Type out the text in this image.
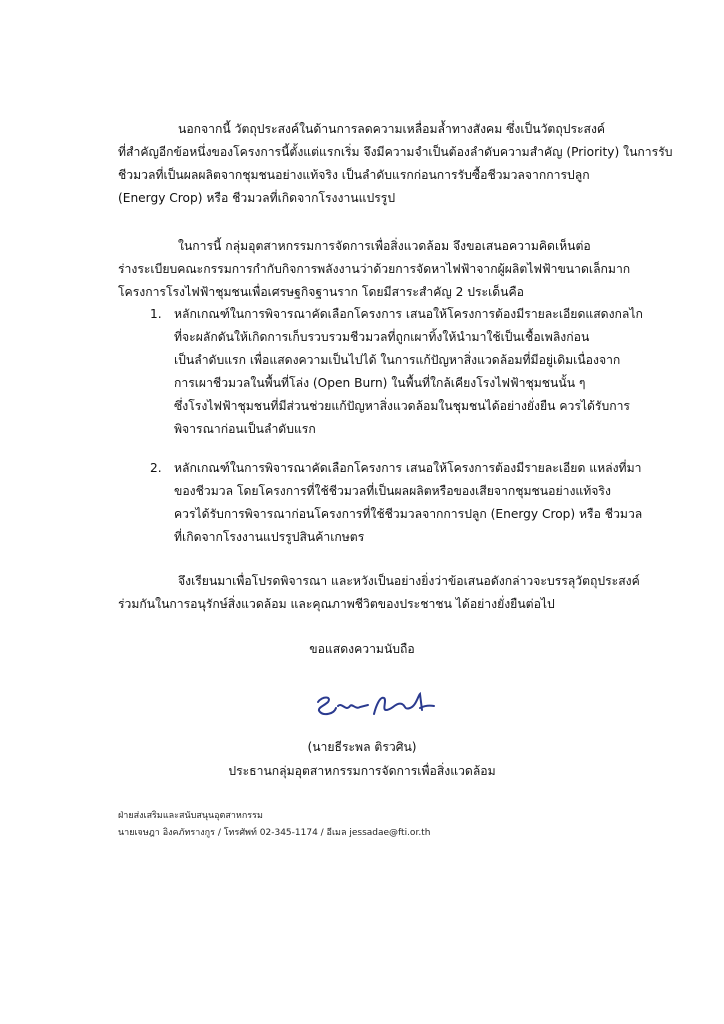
นอกจากนี้ วัตถุประสงค์ในด้านการลดความเหลื่อมล้ำทางสังคม ซึ่งเป็นวัตถุประสงค์
ที่สำคัญอีกข้อหนึ่งของโครงการนี้ตั้งแต่แรกเริ่ม จึงมีความจำเป็นต้องลำดับความสำคัญ (Priority) ในการรับ
ชีวมวลที่เป็นผลผลิตจากชุมชนอย่างแท้จริง เป็นลำดับแรกก่อนการรับซื้อชีวมวลจากการปลูก
(Energy Crop) หรือ ชีวมวลที่เกิดจากโรงงานแปรรูป
ในการนี้ กลุ่มอุตสาหกรรมการจัดการเพื่อสิ่งแวดล้อม จึงขอเสนอความคิดเห็นต่อ
ร่างระเบียบคณะกรรมการกำกับกิจการพลังงานว่าด้วยการจัดหาไฟฟ้าจากผู้ผลิตไฟฟ้าขนาดเล็กมาก
โครงการโรงไฟฟ้าชุมชนเพื่อเศรษฐกิจฐานราก โดยมีสาระสำคัญ 2 ประเด็นคือ
1.	หลักเกณฑ์ในการพิจารณาคัดเลือกโครงการ เสนอให้โครงการต้องมีรายละเอียดแสดงกลไก
ที่จะผลักดันให้เกิดการเก็บรวบรวมชีวมวลที่ถูกเผาทิ้งให้นำมาใช้เป็นเชื้อเพลิงก่อน
เป็นลำดับแรก เพื่อแสดงความเป็นไปได้ ในการแก้ปัญหาสิ่งแวดล้อมที่มีอยู่เดิมเนื่องจาก
การเผาชีวมวลในพื้นที่โล่ง (Open Burn) ในพื้นที่ใกล้เคียงโรงไฟฟ้าชุมชนนั้น ๆ
ซึ่งโรงไฟฟ้าชุมชนที่มีส่วนช่วยแก้ปัญหาสิ่งแวดล้อมในชุมชนได้อย่างยั่งยืน ควรได้รับการ
พิจารณาก่อนเป็นลำดับแรก
2.	หลักเกณฑ์ในการพิจารณาคัดเลือกโครงการ เสนอให้โครงการต้องมีรายละเอียด แหล่งที่มา
ของชีวมวล โดยโครงการที่ใช้ชีวมวลที่เป็นผลผลิตหรือของเสียจากชุมชนอย่างแท้จริง
ควรได้รับการพิจารณาก่อนโครงการที่ใช้ชีวมวลจากการปลูก (Energy Crop) หรือ ชีวมวล
ที่เกิดจากโรงงานแปรรูปสินค้าเกษตร
จึงเรียนมาเพื่อโปรดพิจารณา และหวังเป็นอย่างยิ่งว่าข้อเสนอดังกล่าวจะบรรลุวัตถุประสงค์
ร่วมกันในการอนุรักษ์สิ่งแวดล้อม และคุณภาพชีวิตของประชาชน ได้อย่างยั่งยืนต่อไป
ขอแสดงความนับถือ
(นายธีระพล ติรวศิน)
ประธานกลุ่มอุตสาหกรรมการจัดการเพื่อสิ่งแวดล้อม
ฝ่ายส่งเสริมและสนับสนุนอุตสาหกรรม
นายเจษฎา อิงคภัทรางกูร / โทรศัพท์ 02-345-1174 / อีเมล jessadae@fti.or.th
